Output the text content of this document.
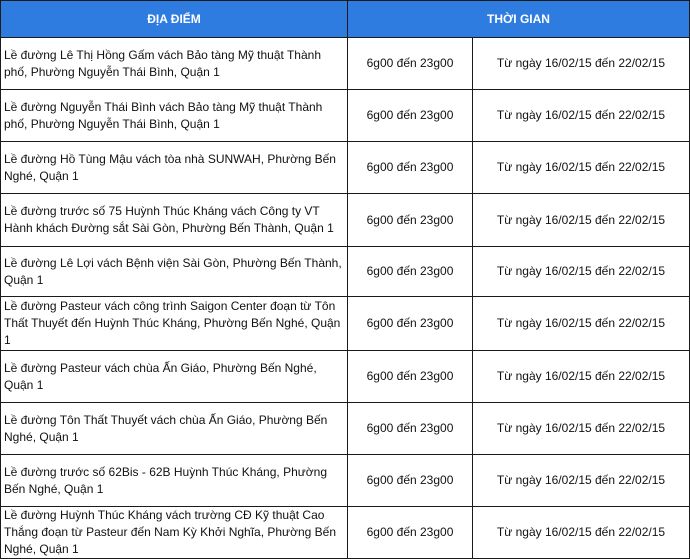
ĐỊA ĐIỂM	THỜI GIAN	
Lề đường Lê Thị Hồng Gấm vách Bảo tàng Mỹ thuật Thành phố, Phường Nguyễn Thái Bình, Quận 1	6g00 đến 23g00	Từ ngày 16/02/15 đến 22/02/15
Lề đường Nguyễn Thái Bình vách Bảo tàng Mỹ thuật Thành phố, Phường Nguyễn Thái Bình, Quận 1	6g00 đến 23g00	Từ ngày 16/02/15 đến 22/02/15
Lề đường Hồ Tùng Mậu vách tòa nhà SUNWAH, Phường Bến Nghé, Quận 1	6g00 đến 23g00	Từ ngày 16/02/15 đến 22/02/15
Lề đường trước số 75 Huỳnh Thúc Kháng vách Công ty VT Hành khách Đường sắt Sài Gòn, Phường Bến Thành, Quận 1	6g00 đến 23g00	Từ ngày 16/02/15 đến 22/02/15
Lề đường Lê Lợi vách Bệnh viện Sài Gòn, Phường Bến Thành, Quận 1	6g00 đến 23g00	Từ ngày 16/02/15 đến 22/02/15
Lề đường Pasteur vách công trình Saigon Center đoạn từ Tôn Thất Thuyết đến Huỳnh Thúc Kháng, Phường Bến Nghé, Quận 1	6g00 đến 23g00	Từ ngày 16/02/15 đến 22/02/15
Lề đường Pasteur vách chùa Ấn Giáo, Phường Bến Nghé, Quận 1	6g00 đến 23g00	Từ ngày 16/02/15 đến 22/02/15
Lề đường Tôn Thất Thuyết vách chùa Ấn Giáo, Phường Bến Nghé, Quận 1	6g00 đến 23g00	Từ ngày 16/02/15 đến 22/02/15
Lề đường trước số 62Bis - 62B Huỳnh Thúc Kháng, Phường Bến Nghé, Quận 1	6g00 đến 23g00	Từ ngày 16/02/15 đến 22/02/15
Lề đường Huỳnh Thúc Kháng vách trường CĐ Kỹ thuật Cao Thắng đoạn từ Pasteur đến Nam Kỳ Khởi Nghĩa, Phường Bến Nghé, Quận 1	6g00 đến 23g00	Từ ngày 16/02/15 đến 22/02/15
